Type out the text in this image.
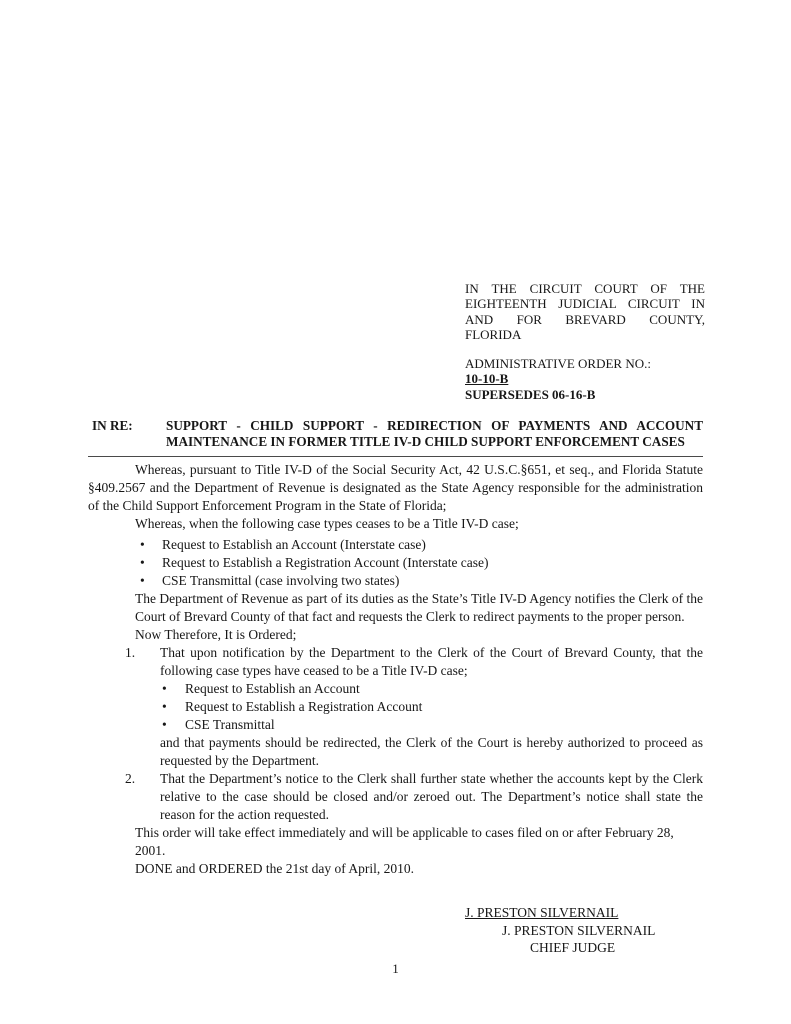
IN THE CIRCUIT COURT OF THE
EIGHTEENTH JUDICIAL CIRCUIT IN
AND FOR BREVARD COUNTY,
FLORIDA
ADMINISTRATIVE ORDER NO.:
10-10-B
SUPERSEDES 06-16-B
IN RE:	SUPPORT - CHILD SUPPORT - REDIRECTION OF PAYMENTS AND ACCOUNT
MAINTENANCE IN FORMER TITLE IV-D CHILD SUPPORT ENFORCEMENT CASES
Whereas, pursuant to Title IV-D of the Social Security Act, 42 U.S.C.§651, et seq., and Florida Statute §409.2567 and the Department of Revenue is designated as the State Agency responsible for the administration of the Child Support Enforcement Program in the State of Florida;
Whereas, when the following case types ceases to be a Title IV-D case;
• Request to Establish an Account (Interstate case)
• Request to Establish a Registration Account (Interstate case)
• CSE Transmittal (case involving two states)
The Department of Revenue as part of its duties as the State’s Title IV-D Agency notifies the Clerk of the Court of Brevard County of that fact and requests the Clerk to redirect payments to the proper person.
Now Therefore, It is Ordered;
1. That upon notification by the Department to the Clerk of the Court of Brevard County, that the following case types have ceased to be a Title IV-D case;
• Request to Establish an Account
• Request to Establish a Registration Account
• CSE Transmittal
and that payments should be redirected, the Clerk of the Court is hereby authorized to proceed as requested by the Department.
2. That the Department’s notice to the Clerk shall further state whether the accounts kept by the Clerk relative to the case should be closed and/or zeroed out. The Department’s notice shall state the reason for the action requested.
This order will take effect immediately and will be applicable to cases filed on or after February 28, 2001.
DONE and ORDERED the 21st day of April, 2010.
J. PRESTON SILVERNAIL
J. PRESTON SILVERNAIL
CHIEF JUDGE
1
